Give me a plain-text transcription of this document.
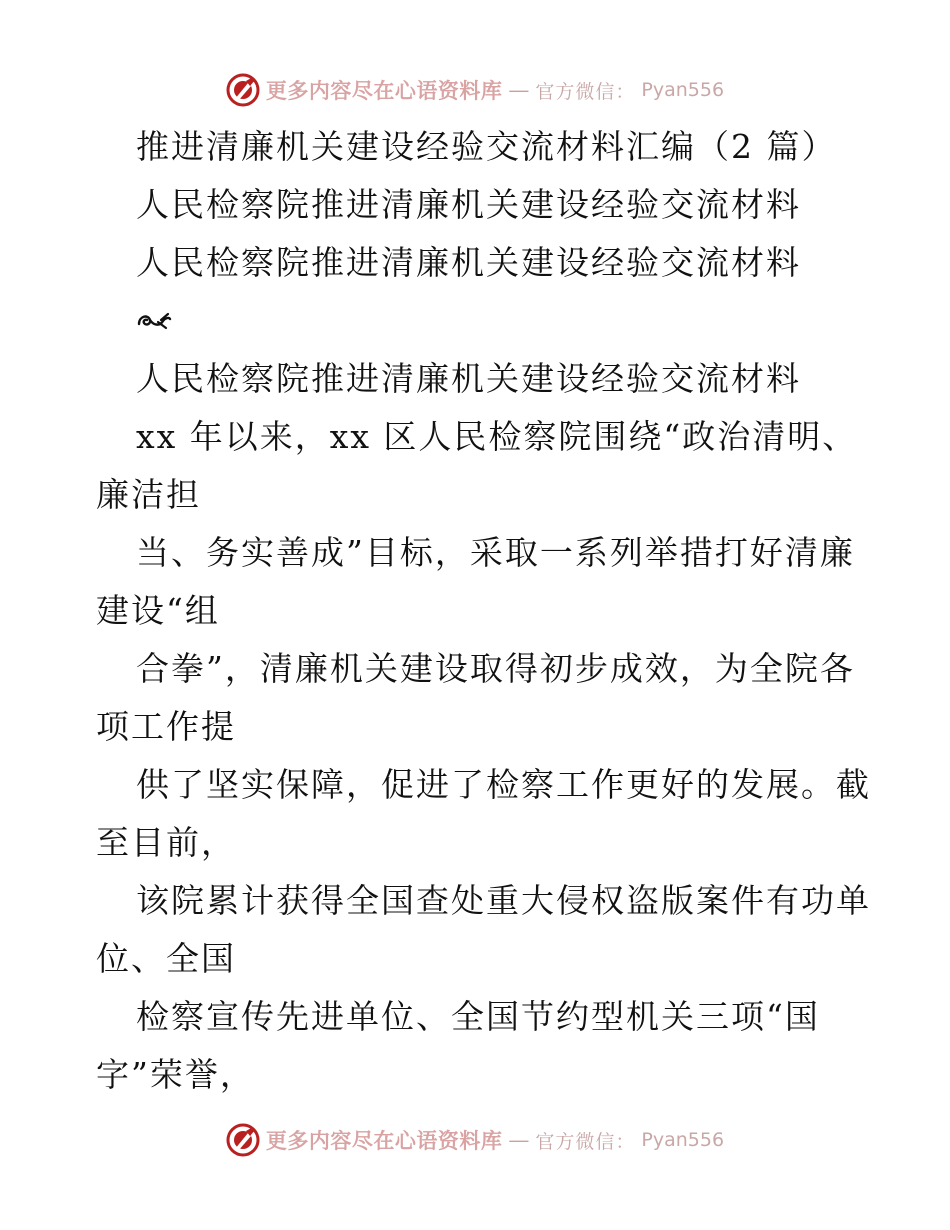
更多内容尽在心语资料库 — 官方微信： Pyan556
推进清廉机关建设经验交流材料汇编（2 篇）
人民检察院推进清廉机关建设经验交流材料
人民检察院推进清廉机关建设经验交流材料
人民检察院推进清廉机关建设经验交流材料
xx 年以来，xx 区人民检察院围绕“政治清明、
廉洁担
当、务实善成”目标，采取一系列举措打好清廉
建设“组
合拳”，清廉机关建设取得初步成效，为全院各
项工作提
供了坚实保障，促进了检察工作更好的发展。截
至目前，
该院累计获得全国查处重大侵权盗版案件有功单
位、全国
检察宣传先进单位、全国节约型机关三项“国
字”荣誉，
更多内容尽在心语资料库 — 官方微信： Pyan556
